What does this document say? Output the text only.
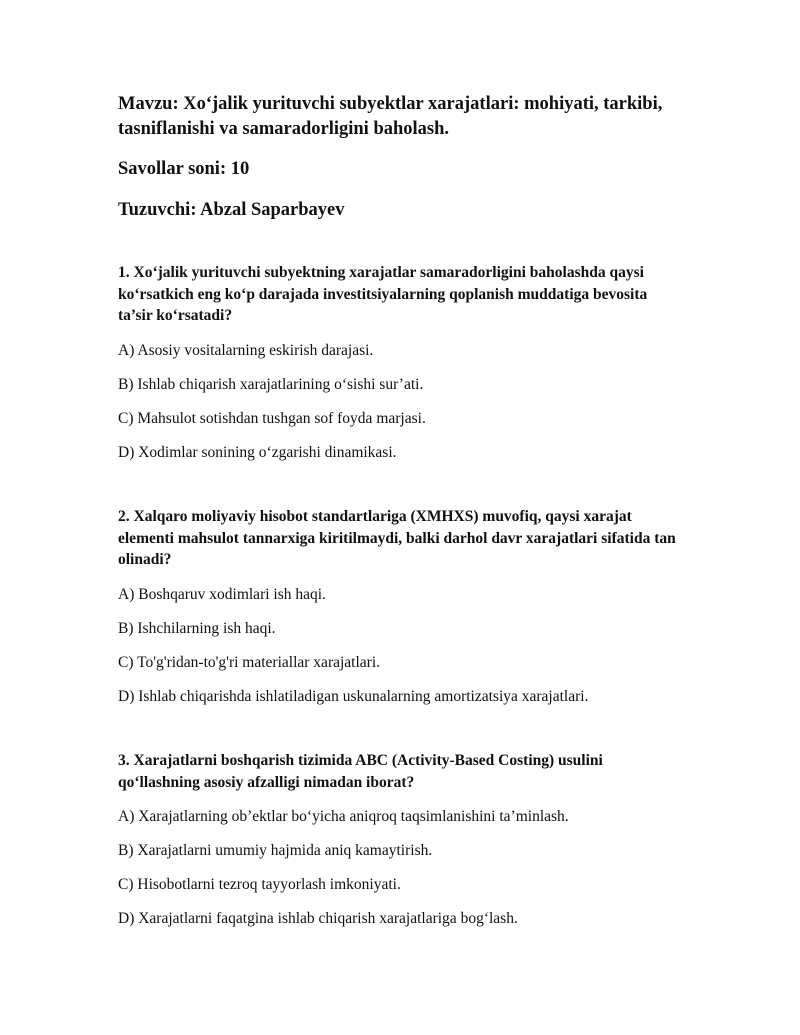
Mavzu: Xo‘jalik yurituvchi subyektlar xarajatlari: mohiyati, tarkibi, tasniflanishi va samaradorligini baholash.

Savollar soni: 10

Tuzuvchi: Abzal Saparbayev

1. Xo‘jalik yurituvchi subyektning xarajatlar samaradorligini baholashda qaysi ko‘rsatkich eng ko‘p darajada investitsiyalarning qoplanish muddatiga bevosita ta’sir ko‘rsatadi?

A) Asosiy vositalarning eskirish darajasi.

B) Ishlab chiqarish xarajatlarining o‘sishi sur’ati.

C) Mahsulot sotishdan tushgan sof foyda marjasi.

D) Xodimlar sonining o‘zgarishi dinamikasi.

2. Xalqaro moliyaviy hisobot standartlariga (XMHXS) muvofiq, qaysi xarajat elementi mahsulot tannarxiga kiritilmaydi, balki darhol davr xarajatlari sifatida tan olinadi?

A) Boshqaruv xodimlari ish haqi.

B) Ishchilarning ish haqi.

C) To'g'ridan-to'g'ri materiallar xarajatlari.

D) Ishlab chiqarishda ishlatiladigan uskunalarning amortizatsiya xarajatlari.

3. Xarajatlarni boshqarish tizimida ABC (Activity-Based Costing) usulini qo‘llashning asosiy afzalligi nimadan iborat?

A) Xarajatlarning ob’ektlar bo‘yicha aniqroq taqsimlanishini ta’minlash.

B) Xarajatlarni umumiy hajmida aniq kamaytirish.

C) Hisobotlarni tezroq tayyorlash imkoniyati.

D) Xarajatlarni faqatgina ishlab chiqarish xarajatlariga bog‘lash.
